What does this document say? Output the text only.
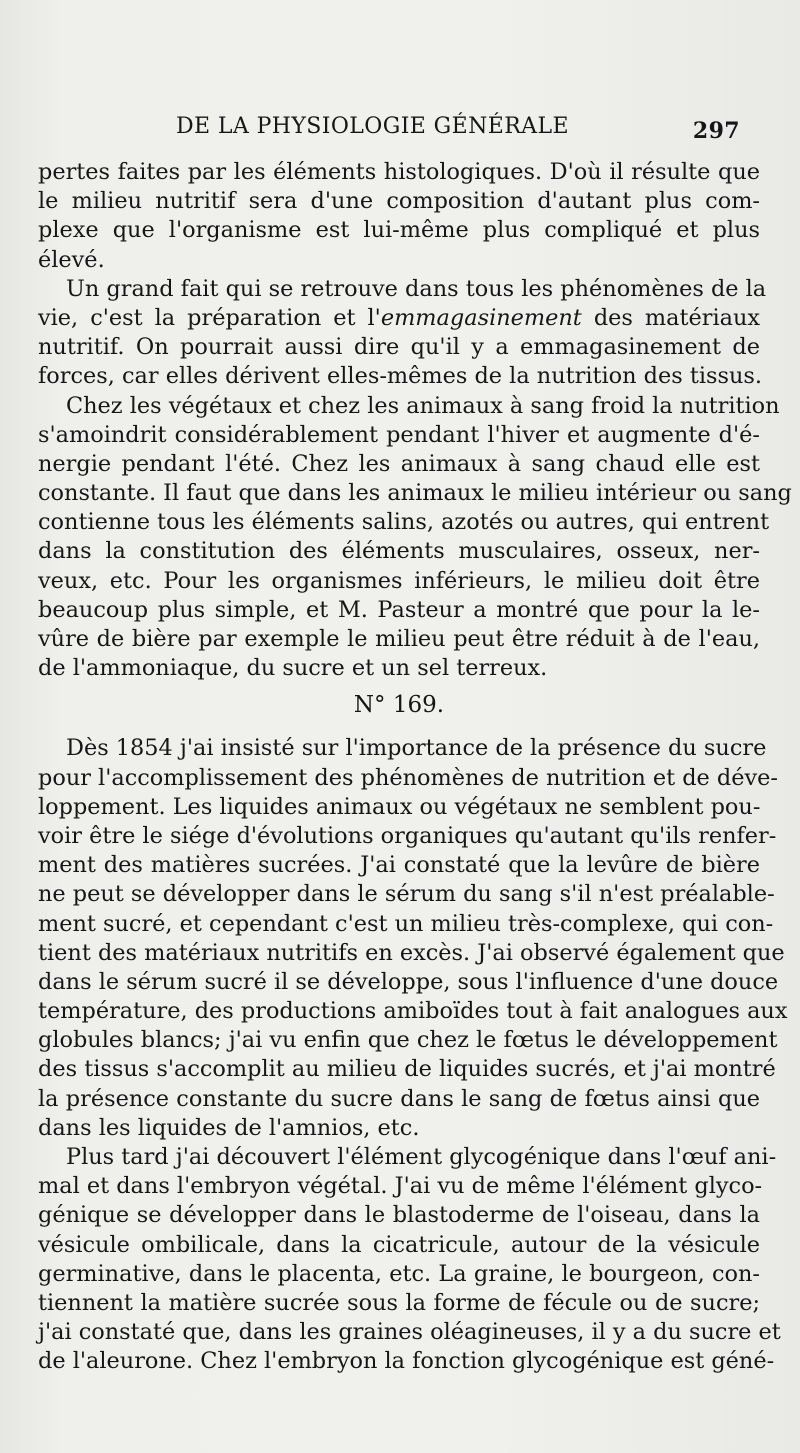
DE LA PHYSIOLOGIE GÉNÉRALE	297
pertes faites par les éléments histologiques. D'où il résulte que
le milieu nutritif sera d'une composition d'autant plus com-
plexe que l'organisme est lui-même plus compliqué et plus
élevé.
Un grand fait qui se retrouve dans tous les phénomènes de la
vie, c'est la préparation et l'emmagasinement des matériaux
nutritif. On pourrait aussi dire qu'il y a emmagasinement de
forces, car elles dérivent elles-mêmes de la nutrition des tissus.
Chez les végétaux et chez les animaux à sang froid la nutrition
s'amoindrit considérablement pendant l'hiver et augmente d'é-
nergie pendant l'été. Chez les animaux à sang chaud elle est
constante. Il faut que dans les animaux le milieu intérieur ou sang
contienne tous les éléments salins, azotés ou autres, qui entrent
dans la constitution des éléments musculaires, osseux, ner-
veux, etc. Pour les organismes inférieurs, le milieu doit être
beaucoup plus simple, et M. Pasteur a montré que pour la le-
vûre de bière par exemple le milieu peut être réduit à de l'eau,
de l'ammoniaque, du sucre et un sel terreux.
N° 169.
Dès 1854 j'ai insisté sur l'importance de la présence du sucre
pour l'accomplissement des phénomènes de nutrition et de déve-
loppement. Les liquides animaux ou végétaux ne semblent pou-
voir être le siége d'évolutions organiques qu'autant qu'ils renfer-
ment des matières sucrées. J'ai constaté que la levûre de bière
ne peut se développer dans le sérum du sang s'il n'est préalable-
ment sucré, et cependant c'est un milieu très-complexe, qui con-
tient des matériaux nutritifs en excès. J'ai observé également que
dans le sérum sucré il se développe, sous l'influence d'une douce
température, des productions amiboïdes tout à fait analogues aux
globules blancs; j'ai vu enfin que chez le fœtus le développement
des tissus s'accomplit au milieu de liquides sucrés, et j'ai montré
la présence constante du sucre dans le sang de fœtus ainsi que
dans les liquides de l'amnios, etc.
Plus tard j'ai découvert l'élément glycogénique dans l'œuf ani-
mal et dans l'embryon végétal. J'ai vu de même l'élément glyco-
génique se développer dans le blastoderme de l'oiseau, dans la
vésicule ombilicale, dans la cicatricule, autour de la vésicule
germinative, dans le placenta, etc. La graine, le bourgeon, con-
tiennent la matière sucrée sous la forme de fécule ou de sucre;
j'ai constaté que, dans les graines oléagineuses, il y a du sucre et
de l'aleurone. Chez l'embryon la fonction glycogénique est géné-
